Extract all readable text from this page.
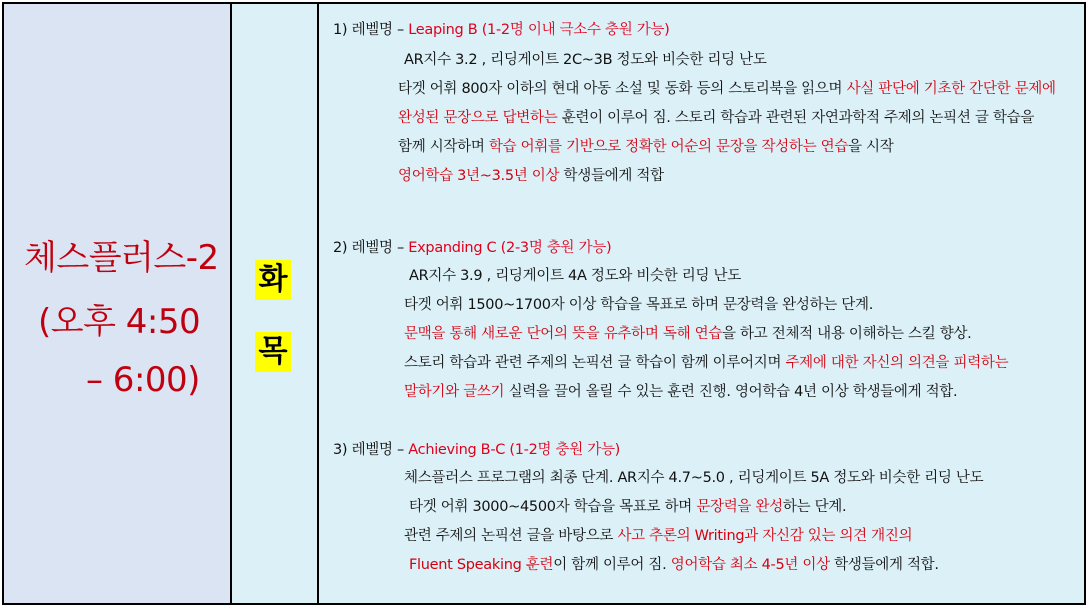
체스플러스-2
(오후 4:50
– 6:00)
화
목
1) 레벨명 – Leaping B (1-2명 이내 극소수 충원 가능)
AR지수 3.2 , 리딩게이트 2C~3B 정도와 비슷한 리딩 난도
타겟 어휘 800자 이하의 현대 아동 소설 및 동화 등의 스토리북을 읽으며 사실 판단에 기초한 간단한 문제에
완성된 문장으로 답변하는 훈련이 이루어 짐. 스토리 학습과 관련된 자연과학적 주제의 논픽션 글 학습을
함께 시작하며 학습 어휘를 기반으로 정확한 어순의 문장을 작성하는 연습을 시작
영어학습 3년~3.5년 이상 학생들에게 적합
2) 레벨명 – Expanding C (2-3명 충원 가능)
AR지수 3.9 , 리딩게이트 4A 정도와 비슷한 리딩 난도
타겟 어휘 1500~1700자 이상 학습을 목표로 하며 문장력을 완성하는 단계.
문맥을 통해 새로운 단어의 뜻을 유추하며 독해 연습을 하고 전체적 내용 이해하는 스킬 향상.
스토리 학습과 관련 주제의 논픽션 글 학습이 함께 이루어지며 주제에 대한 자신의 의견을 피력하는
말하기와 글쓰기 실력을 끌어 올릴 수 있는 훈련 진행. 영어학습 4년 이상 학생들에게 적합.
3) 레벨명 – Achieving B-C (1-2명 충원 가능)
체스플러스 프로그램의 최종 단계. AR지수 4.7~5.0 , 리딩게이트 5A 정도와 비슷한 리딩 난도
타겟 어휘 3000~4500자 학습을 목표로 하며 문장력을 완성하는 단계.
관련 주제의 논픽션 글을 바탕으로 사고 추론의 Writing과 자신감 있는 의견 개진의
Fluent Speaking 훈련이 함께 이루어 짐. 영어학습 최소 4-5년 이상 학생들에게 적합.
